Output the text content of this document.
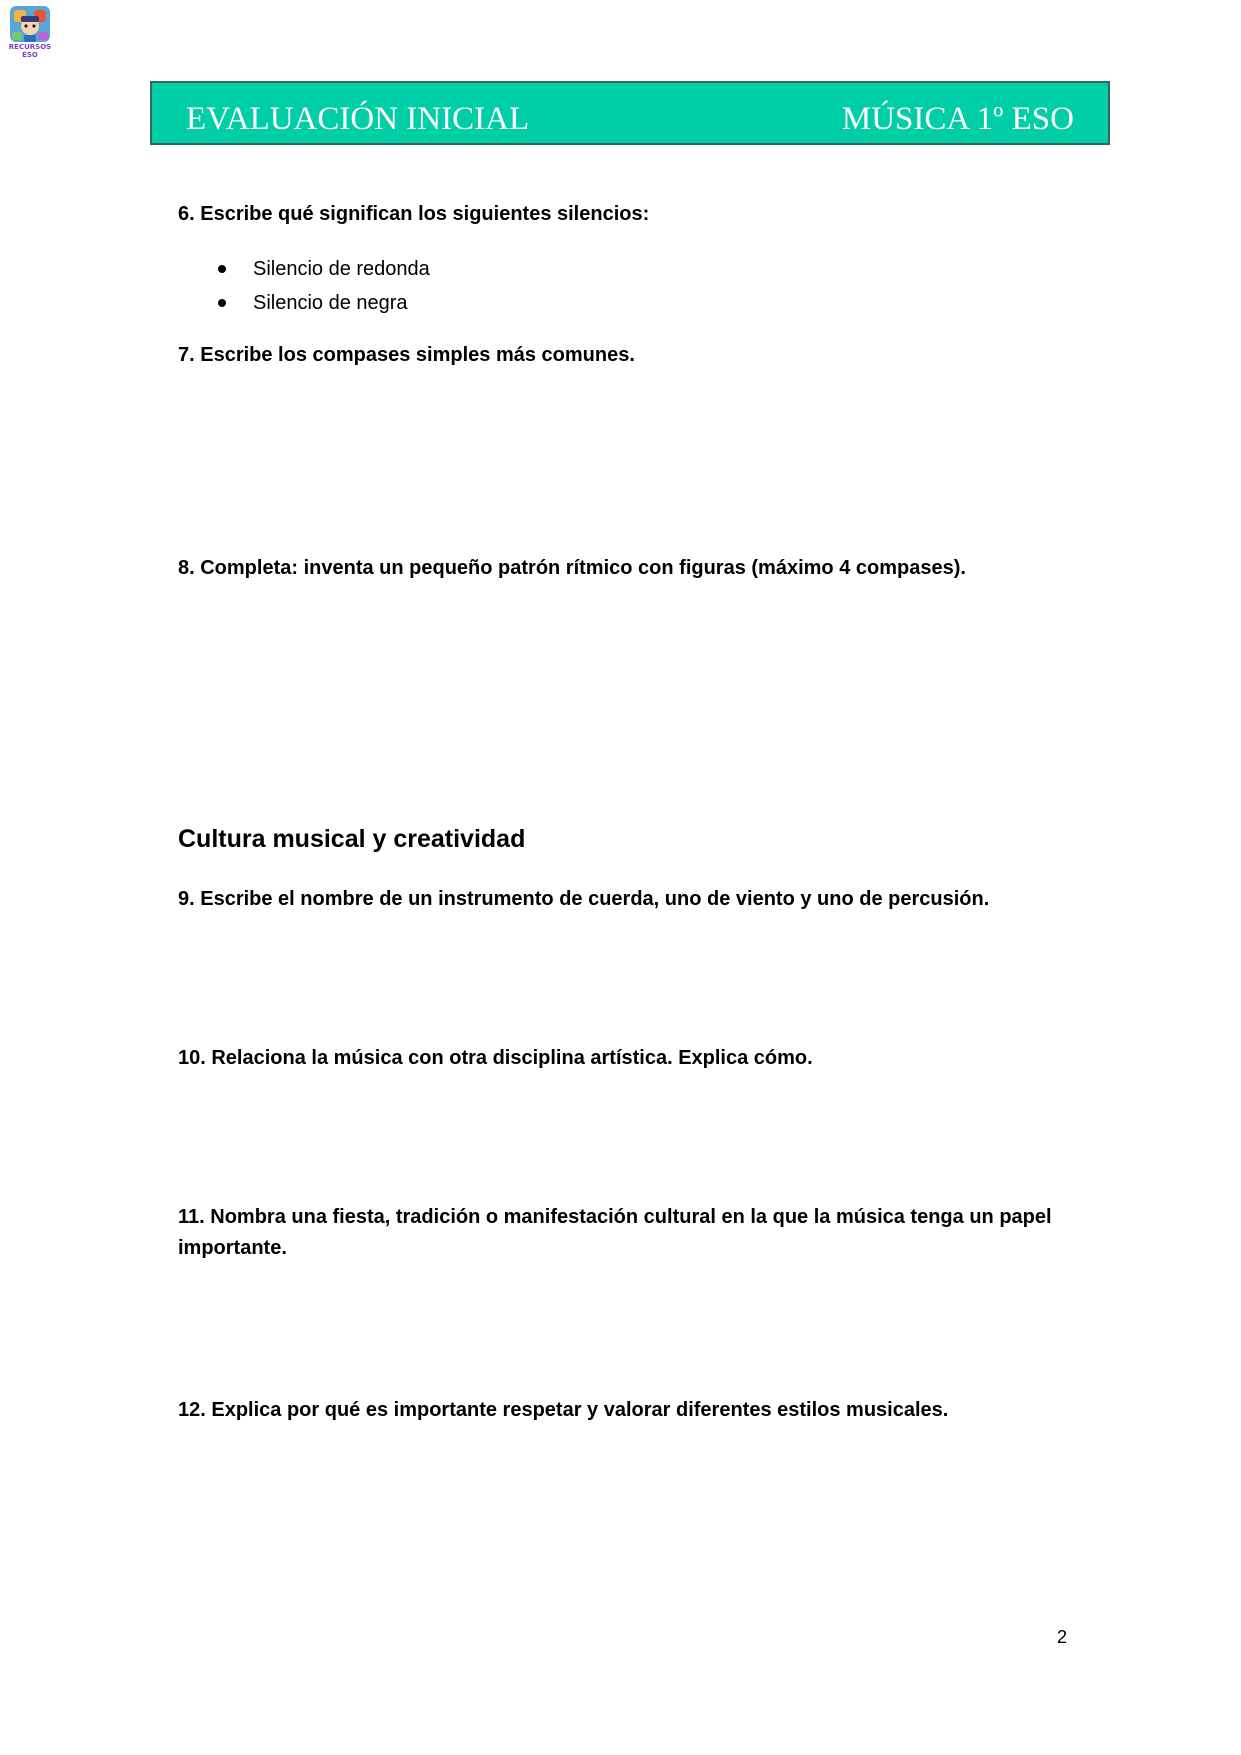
RECURSOS
ESO
EVALUACIÓN INICIAL	MÚSICA 1º ESO
6. Escribe qué significan los siguientes silencios:
Silencio de redonda
Silencio de negra
7. Escribe los compases simples más comunes.
8. Completa: inventa un pequeño patrón rítmico con figuras (máximo 4 compases).
Cultura musical y creatividad
9. Escribe el nombre de un instrumento de cuerda, uno de viento y uno de percusión.
10. Relaciona la música con otra disciplina artística. Explica cómo.
11. Nombra una fiesta, tradición o manifestación cultural en la que la música tenga un papel importante.
12. Explica por qué es importante respetar y valorar diferentes estilos musicales.
2
